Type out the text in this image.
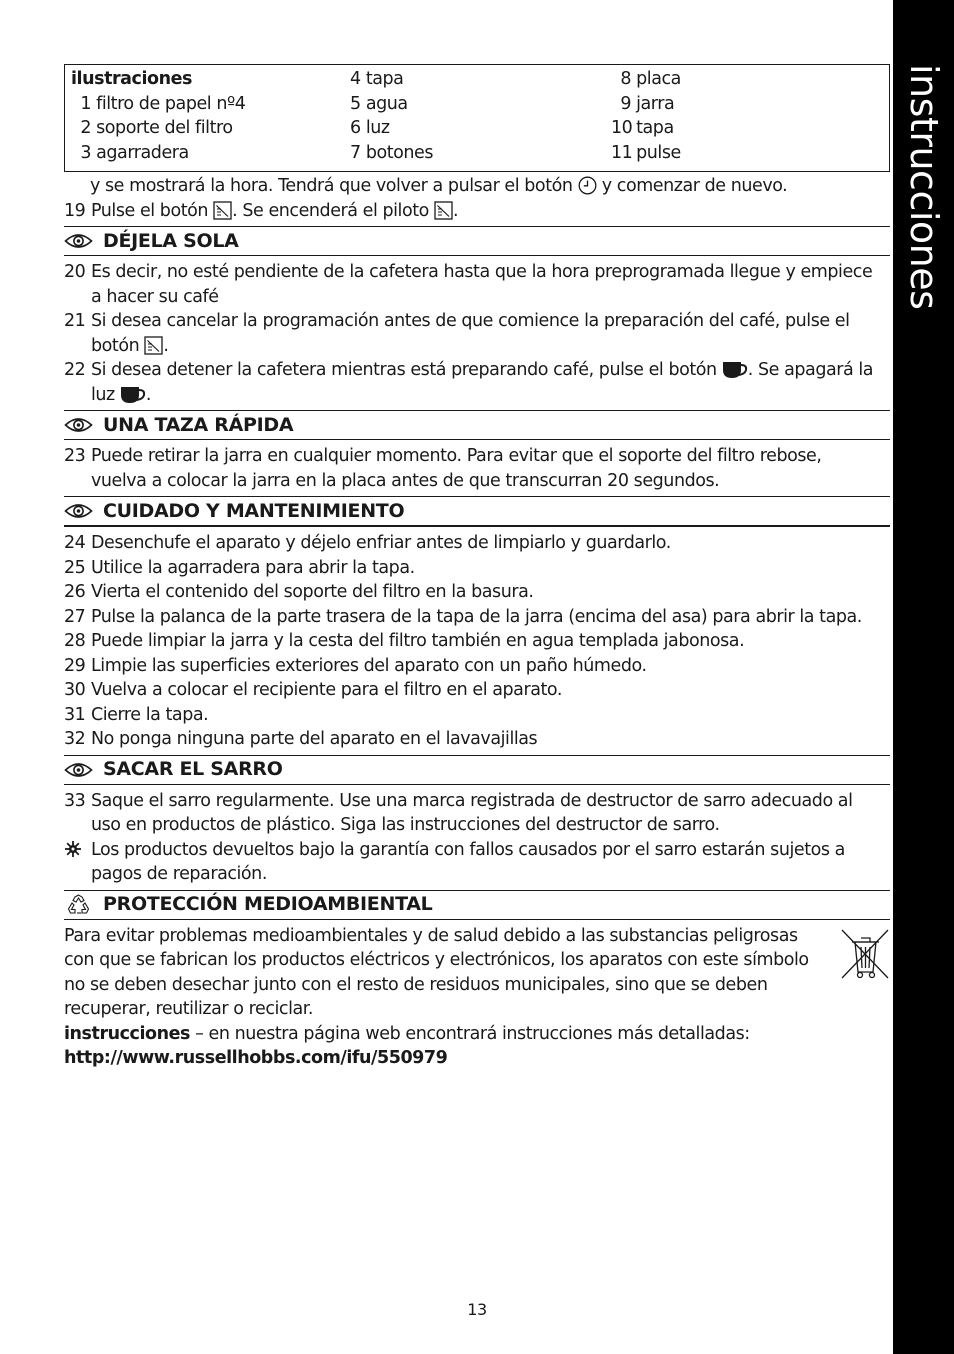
instrucciones
ilustraciones
1 filtro de papel nº4
2 soporte del filtro
3 agarradera
4 tapa
5 agua
6 luz
7 botones
8 placa
9 jarra
10 tapa
11 pulse
y se mostrará la hora. Tendrá que volver a pulsar el botón y comenzar de nuevo.
19 Pulse el botón . Se encenderá el piloto .
DÉJELA SOLA
20 Es decir, no esté pendiente de la cafetera hasta que la hora preprogramada llegue y empiece
a hacer su café
21 Si desea cancelar la programación antes de que comience la preparación del café, pulse el
botón .
22 Si desea detener la cafetera mientras está preparando café, pulse el botón . Se apagará la
luz .
UNA TAZA RÁPIDA
23 Puede retirar la jarra en cualquier momento. Para evitar que el soporte del filtro rebose,
vuelva a colocar la jarra en la placa antes de que transcurran 20 segundos.
CUIDADO Y MANTENIMIENTO
24 Desenchufe el aparato y déjelo enfriar antes de limpiarlo y guardarlo.
25 Utilice la agarradera para abrir la tapa.
26 Vierta el contenido del soporte del filtro en la basura.
27 Pulse la palanca de la parte trasera de la tapa de la jarra (encima del asa) para abrir la tapa.
28 Puede limpiar la jarra y la cesta del filtro también en agua templada jabonosa.
29 Limpie las superficies exteriores del aparato con un paño húmedo.
30 Vuelva a colocar el recipiente para el filtro en el aparato.
31 Cierre la tapa.
32 No ponga ninguna parte del aparato en el lavavajillas
SACAR EL SARRO
33 Saque el sarro regularmente. Use una marca registrada de destructor de sarro adecuado al
uso en productos de plástico. Siga las instrucciones del destructor de sarro.
Los productos devueltos bajo la garantía con fallos causados por el sarro estarán sujetos a
pagos de reparación.
PROTECCIÓN MEDIOAMBIENTAL
Para evitar problemas medioambientales y de salud debido a las substancias peligrosas
con que se fabrican los productos eléctricos y electrónicos, los aparatos con este símbolo
no se deben desechar junto con el resto de residuos municipales, sino que se deben
recuperar, reutilizar o reciclar.
instrucciones – en nuestra página web encontrará instrucciones más detalladas:
http://www.russellhobbs.com/ifu/550979
13
